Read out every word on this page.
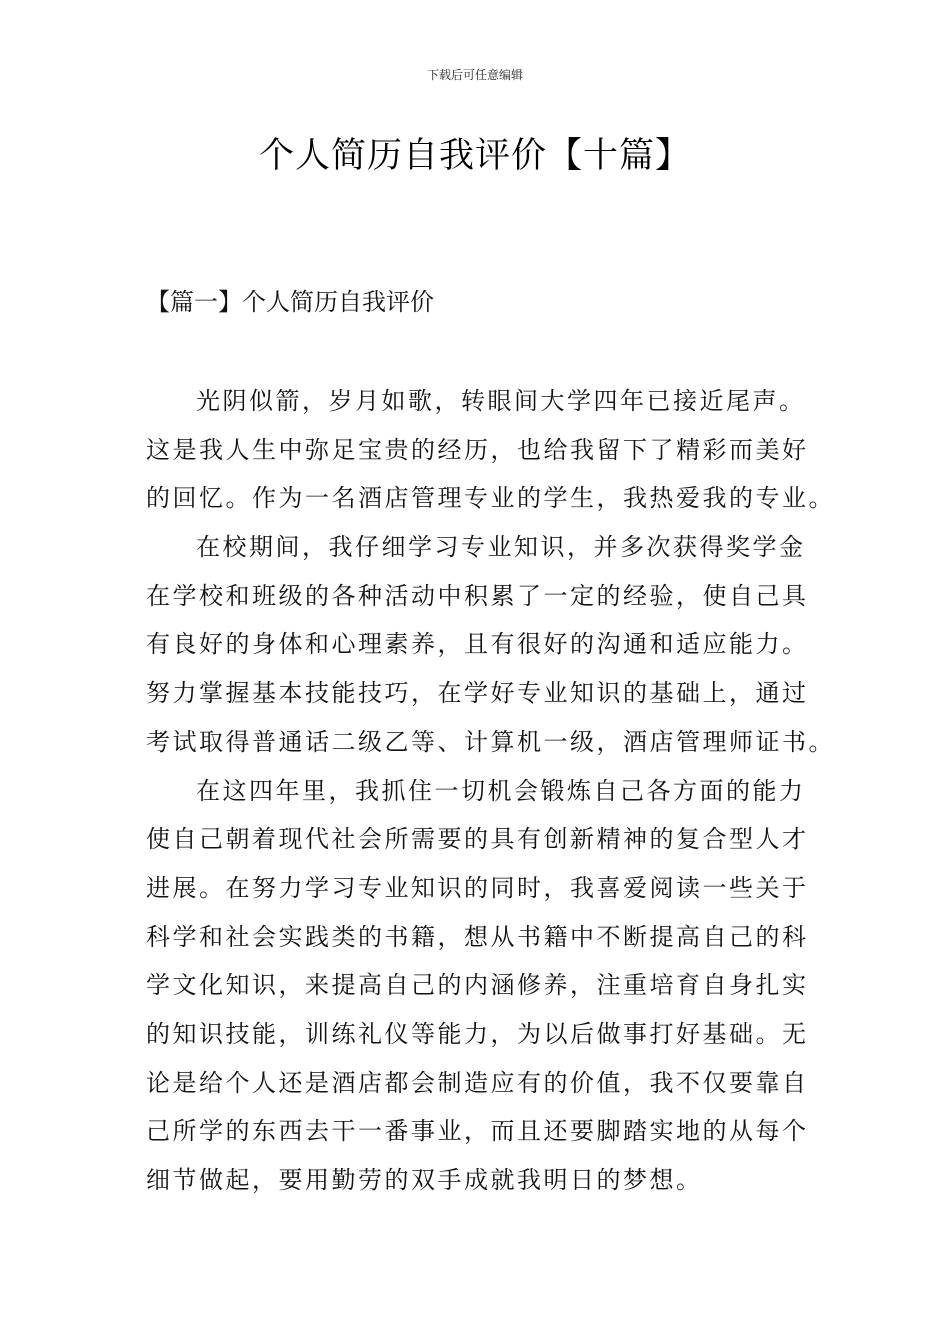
下载后可任意编辑
个人简历自我评价【十篇】
【篇一】个人简历自我评价
光阴似箭，岁月如歌，转眼间大学四年已接近尾声。
这是我人生中弥足宝贵的经历，也给我留下了精彩而美好
的回忆。作为一名酒店管理专业的学生，我热爱我的专业。
在校期间，我仔细学习专业知识，并多次获得奖学金
在学校和班级的各种活动中积累了一定的经验，使自己具
有良好的身体和心理素养，且有很好的沟通和适应能力。
努力掌握基本技能技巧，在学好专业知识的基础上，通过
考试取得普通话二级乙等、计算机一级，酒店管理师证书。
在这四年里，我抓住一切机会锻炼自己各方面的能力
使自己朝着现代社会所需要的具有创新精神的复合型人才
进展。在努力学习专业知识的同时，我喜爱阅读一些关于
科学和社会实践类的书籍，想从书籍中不断提高自己的科
学文化知识，来提高自己的内涵修养，注重培育自身扎实
的知识技能，训练礼仪等能力，为以后做事打好基础。无
论是给个人还是酒店都会制造应有的价值，我不仅要靠自
己所学的东西去干一番事业，而且还要脚踏实地的从每个
细节做起，要用勤劳的双手成就我明日的梦想。
